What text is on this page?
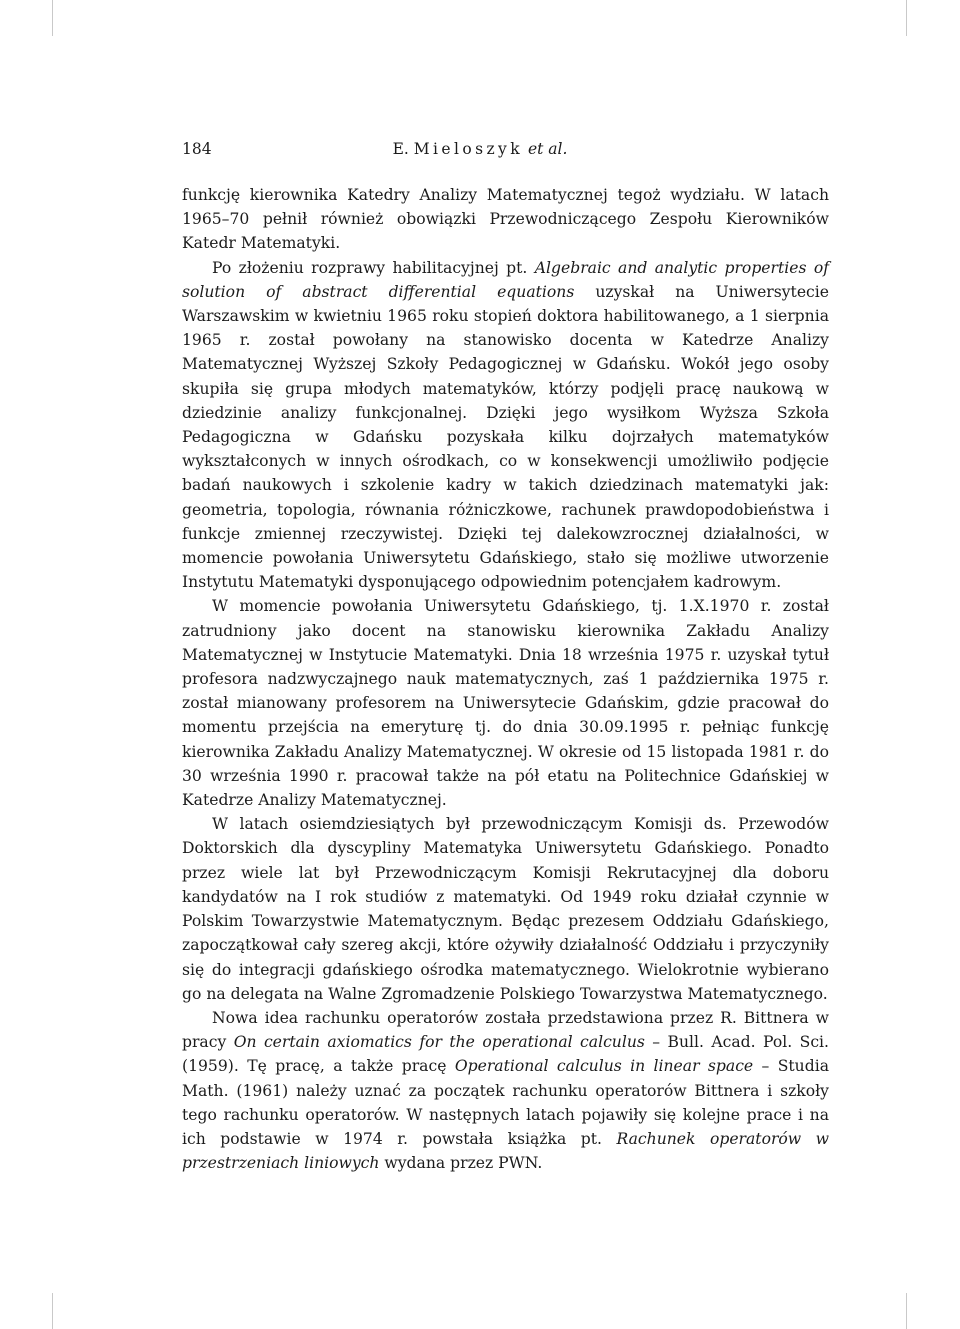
184	E. Mieloszyk et al.

funkcję kierownika Katedry Analizy Matematycznej tegoż wydziału. W latach 1965–70 pełnił również obowiązki Przewodniczącego Zespołu Kierowników Katedr Matematyki.

Po złożeniu rozprawy habilitacyjnej pt. Algebraic and analytic properties of solution of abstract differential equations uzyskał na Uniwersytecie Warszawskim w kwietniu 1965 roku stopień doktora habilitowanego, a 1 sierpnia 1965 r. został powołany na stanowisko docenta w Katedrze Analizy Matematycznej Wyższej Szkoły Pedagogicznej w Gdańsku. Wokół jego osoby skupiła się grupa młodych matematyków, którzy podjęli pracę naukową w dziedzinie analizy funkcjonalnej. Dzięki jego wysiłkom Wyższa Szkoła Pedagogiczna w Gdańsku pozyskała kilku dojrzałych matematyków wykształconych w innych ośrodkach, co w konsekwencji umożliwiło podjęcie badań naukowych i szkolenie kadry w takich dziedzinach matematyki jak: geometria, topologia, równania różniczkowe, rachunek prawdopodobieństwa i funkcje zmiennej rzeczywistej. Dzięki tej dalekowzrocznej działalności, w momencie powołania Uniwersytetu Gdańskiego, stało się możliwe utworzenie Instytutu Matematyki dysponującego odpowiednim potencjałem kadrowym.

W momencie powołania Uniwersytetu Gdańskiego, tj. 1.X.1970 r. został zatrudniony jako docent na stanowisku kierownika Zakładu Analizy Matematycznej w Instytucie Matematyki. Dnia 18 września 1975 r. uzyskał tytuł profesora nadzwyczajnego nauk matematycznych, zaś 1 października 1975 r. został mianowany profesorem na Uniwersytecie Gdańskim, gdzie pracował do momentu przejścia na emeryturę tj. do dnia 30.09.1995 r. pełniąc funkcję kierownika Zakładu Analizy Matematycznej. W okresie od 15 listopada 1981 r. do 30 września 1990 r. pracował także na pół etatu na Politechnice Gdańskiej w Katedrze Analizy Matematycznej.

W latach osiemdziesiątych był przewodniczącym Komisji ds. Przewodów Doktorskich dla dyscypliny Matematyka Uniwersytetu Gdańskiego. Ponadto przez wiele lat był Przewodniczącym Komisji Rekrutacyjnej dla doboru kandydatów na I rok studiów z matematyki. Od 1949 roku działał czynnie w Polskim Towarzystwie Matematycznym. Będąc prezesem Oddziału Gdańskiego, zapoczątkował cały szereg akcji, które ożywiły działalność Oddziału i przyczyniły się do integracji gdańskiego ośrodka matematycznego. Wielokrotnie wybierano go na delegata na Walne Zgromadzenie Polskiego Towarzystwa Matematycznego.

Nowa idea rachunku operatorów została przedstawiona przez R. Bittnera w pracy On certain axiomatics for the operational calculus – Bull. Acad. Pol. Sci. (1959). Tę pracę, a także pracę Operational calculus in linear space – Studia Math. (1961) należy uznać za początek rachunku operatorów Bittnera i szkoły tego rachunku operatorów. W następnych latach pojawiły się kolejne prace i na ich podstawie w 1974 r. powstała książka pt. Rachunek operatorów w przestrzeniach liniowych wydana przez PWN.
